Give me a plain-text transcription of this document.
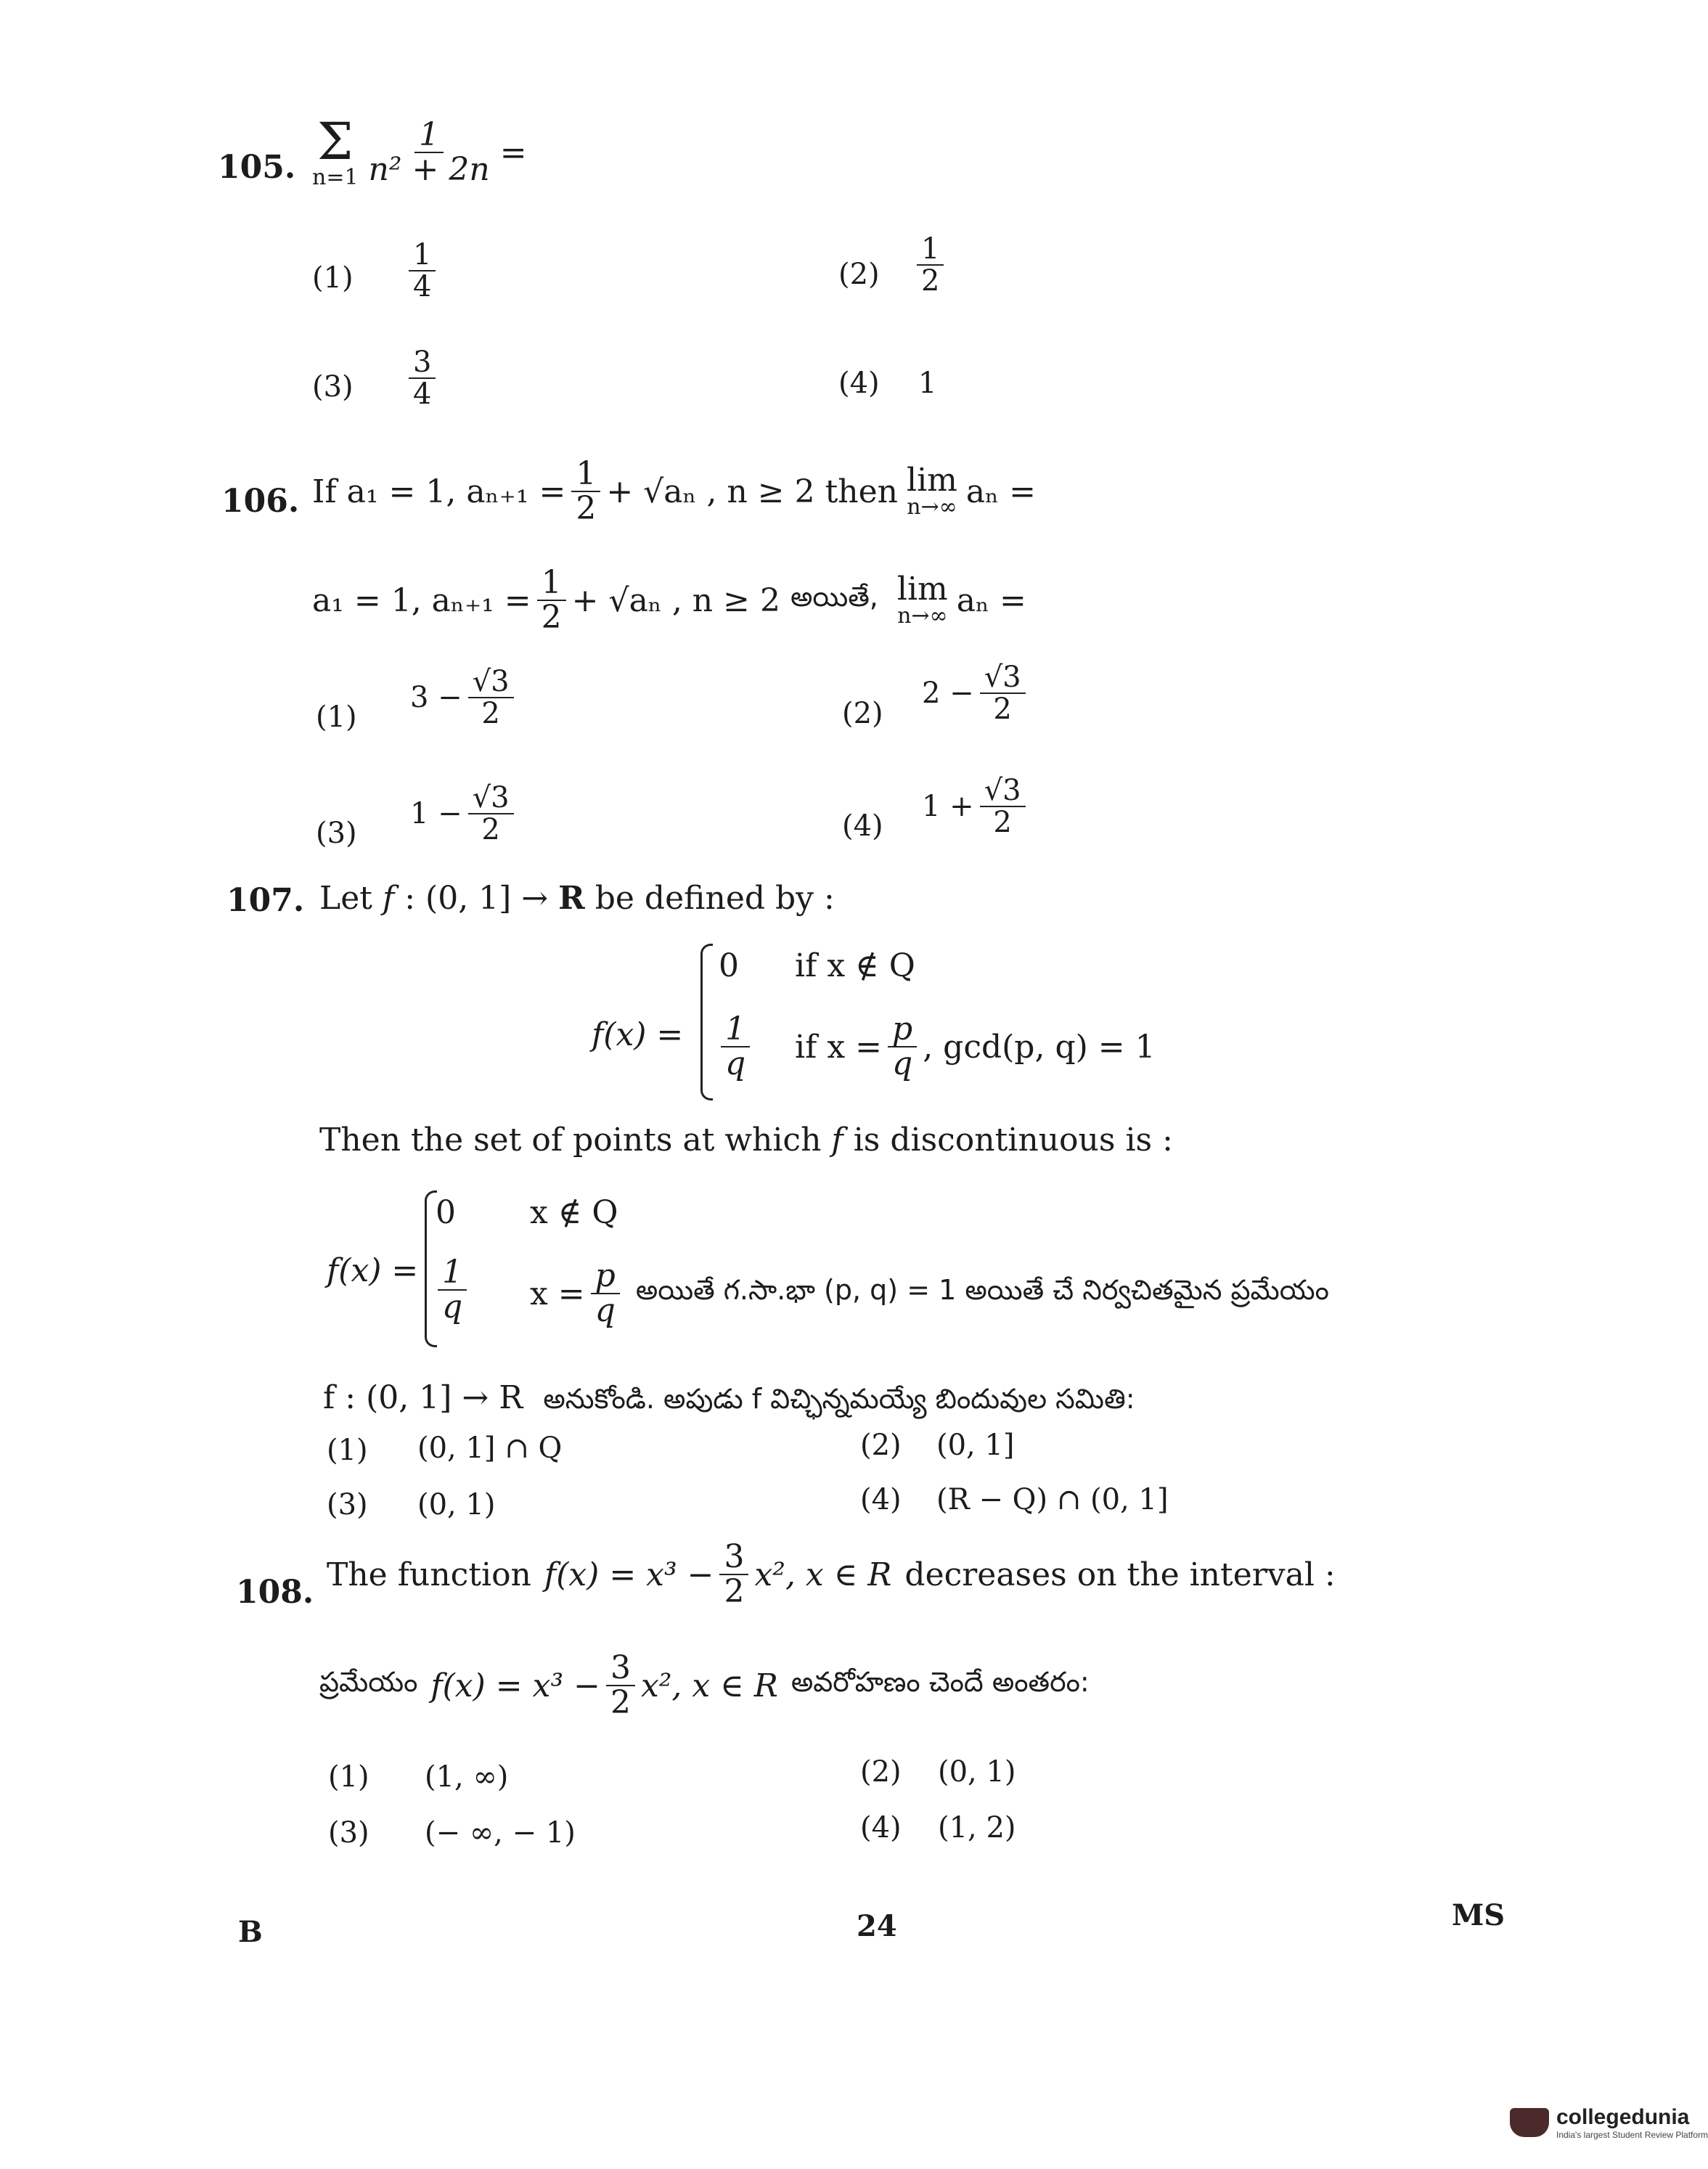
105. Σ
$n=1 \frac{1}{\text{n² + 2n}}$ =
$(1) \frac{1}{4}$	$(2) \frac{1}{2}$
$(3) \frac{3}{4}$	(4) 1
106. If a₁ = 1, $a_{n+1} = \frac{1}{2} + √a_n$ , n ≥ 2 then lim
n→∞ aₙ =
a₁ = 1, $a_{n+1} = \frac{1}{2} + √a_n$ , n ≥ 2 అయితే, lim
n→∞ aₙ =
(1)
$3 - \frac{√3}{2}$	(2)
$2 - \frac{√3}{2}$
(3)
$1 - \frac{√3}{2}$	(4)
$1 + \frac{√3}{2}$
107. Let f : (0, 1] → R be defined by :
f(x) =
0 if x ∉ Q
$\frac{1}{q}$ if $x = \frac{p}{q}$ , gcd(p, q) = 1
Then the set of points at which f is discontinuous is :
f(x) =
0 x ∉ Q
$\frac{1}{q}$ $x = \frac{p}{q}$ అయితే గ.సా.భా (p, q) = 1 అయితే చే నిర్వచితమైన ప్రమేయం
f : (0, 1] → R అనుకోండి. అపుడు f విచ్ఛిన్నమయ్యే బిందువుల సమితి:
(1) (0, 1] ∩ Q	(2) (0, 1]
(3) (0, 1)	(4) (R − Q) ∩ (0, 1]
108. The function $f(x) = x^3 - \frac{3}{2} x^2$, x ∈ R decreases on the interval :
ప్రమేయం $f(x) = x^3 - \frac{3}{2} x^2$, x ∈ R అవరోహణం చెందే అంతరం:
(1) (1, ∞)	(2) (0, 1)
(3) (− ∞, − 1)	(4) (1, 2)
B	24	MS
collegedunia
India's largest Student Review Platform
